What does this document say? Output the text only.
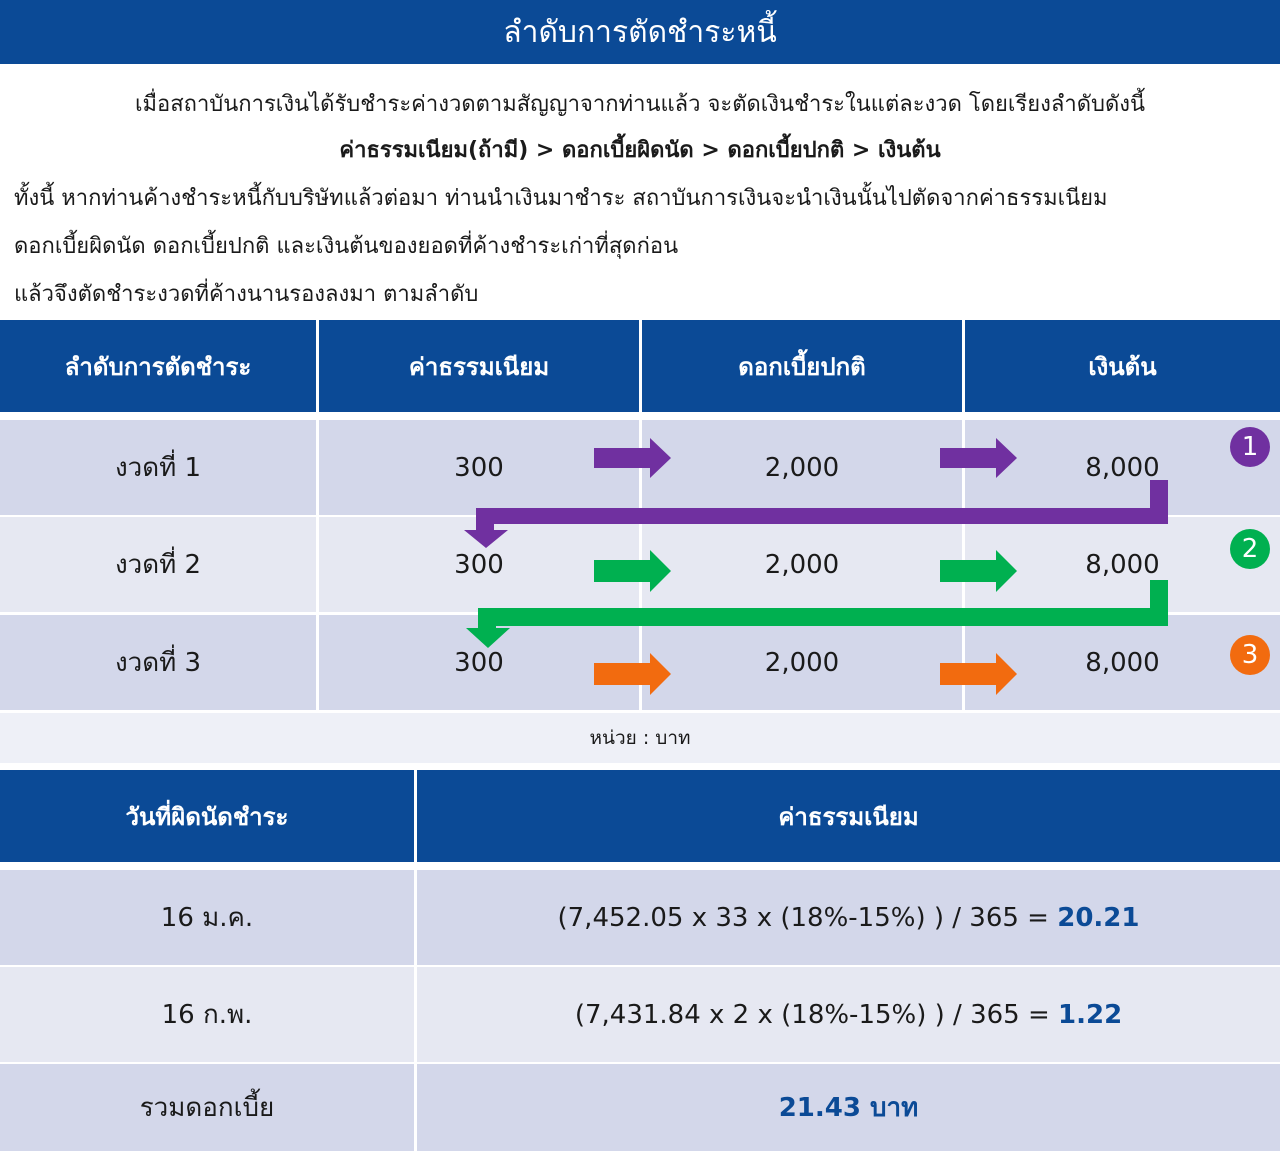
ลำดับการตัดชำระหนี้
เมื่อสถาบันการเงินได้รับชำระค่างวดตามสัญญาจากท่านแล้ว จะตัดเงินชำระในแต่ละงวด โดยเรียงลำดับดังนี้
ค่าธรรมเนียม(ถ้ามี) > ดอกเบี้ยผิดนัด > ดอกเบี้ยปกติ > เงินต้น
ทั้งนี้ หากท่านค้างชำระหนี้กับบริษัทแล้วต่อมา ท่านนำเงินมาชำระ สถาบันการเงินจะนำเงินนั้นไปตัดจากค่าธรรมเนียม
ดอกเบี้ยผิดนัด ดอกเบี้ยปกติ และเงินต้นของยอดที่ค้างชำระเก่าที่สุดก่อน
แล้วจึงตัดชำระงวดที่ค้างนานรองลงมา ตามลำดับ
ลำดับการตัดชำระ	ค่าธรรมเนียม	ดอกเบี้ยปกติ	เงินต้น
งวดที่ 1	300	2,000	8,000
งวดที่ 2	300	2,000	8,000
งวดที่ 3	300	2,000	8,000
1
2
3
หน่วย : บาท
วันที่ผิดนัดชำระ	ค่าธรรมเนียม
16 ม.ค.	(7,452.05 x 33 x (18%-15%) ) / 365 = 20.21
16 ก.พ.	(7,431.84 x 2 x (18%-15%) ) / 365 = 1.22
รวมดอกเบี้ย	21.43 บาท
